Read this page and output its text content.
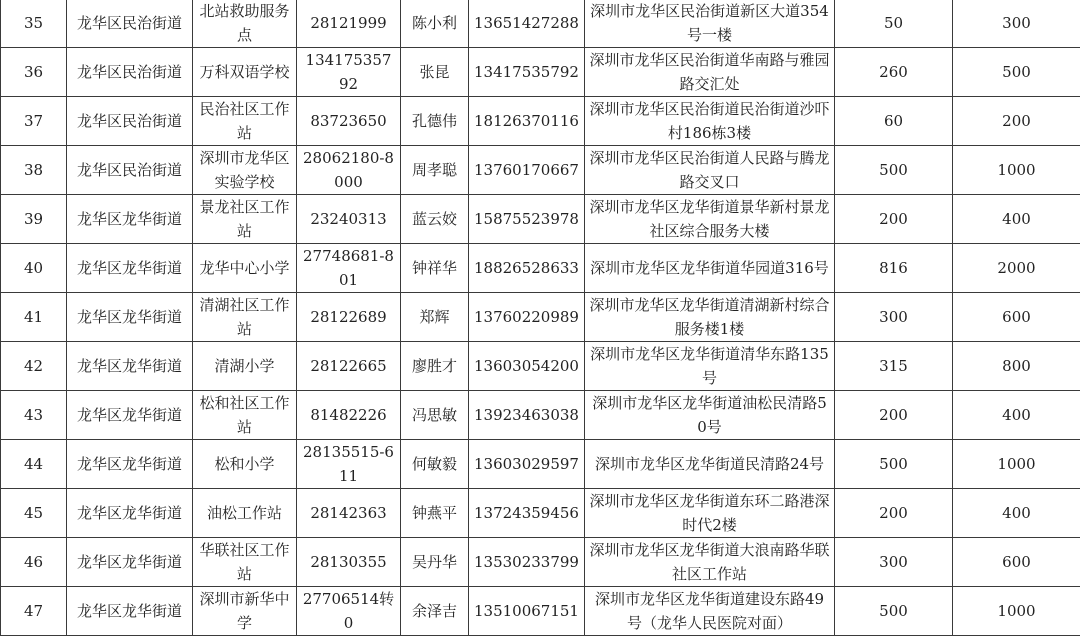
35	龙华区民治街道	北站救助服务点	28121999	陈小利	13651427288	深圳市龙华区民治街道新区大道354号一楼	50	300
36	龙华区民治街道	万科双语学校	13417535792	张昆	13417535792	深圳市龙华区民治街道华南路与雅园路交汇处	260	500
37	龙华区民治街道	民治社区工作站	83723650	孔德伟	18126370116	深圳市龙华区民治街道民治街道沙吓村186栋3楼	60	200
38	龙华区民治街道	深圳市龙华区实验学校	28062180-8000	周孝聪	13760170667	深圳市龙华区民治街道人民路与腾龙路交叉口	500	1000
39	龙华区龙华街道	景龙社区工作站	23240313	蓝云姣	15875523978	深圳市龙华区龙华街道景华新村景龙社区综合服务大楼	200	400
40	龙华区龙华街道	龙华中心小学	27748681-801	钟祥华	18826528633	深圳市龙华区龙华街道华园道316号	816	2000
41	龙华区龙华街道	清湖社区工作站	28122689	郑辉	13760220989	深圳市龙华区龙华街道清湖新村综合服务楼1楼	300	600
42	龙华区龙华街道	清湖小学	28122665	廖胜才	13603054200	深圳市龙华区龙华街道清华东路135号	315	800
43	龙华区龙华街道	松和社区工作站	81482226	冯思敏	13923463038	深圳市龙华区龙华街道油松民清路50号	200	400
44	龙华区龙华街道	松和小学	28135515-611	何敏毅	13603029597	深圳市龙华区龙华街道民清路24号	500	1000
45	龙华区龙华街道	油松工作站	28142363	钟燕平	13724359456	深圳市龙华区龙华街道东环二路港深时代2楼	200	400
46	龙华区龙华街道	华联社区工作站	28130355	吴丹华	13530233799	深圳市龙华区龙华街道大浪南路华联社区工作站	300	600
47	龙华区龙华街道	深圳市新华中学	27706514转0	余泽吉	13510067151	深圳市龙华区龙华街道建设东路49号（龙华人民医院对面）	500	1000
